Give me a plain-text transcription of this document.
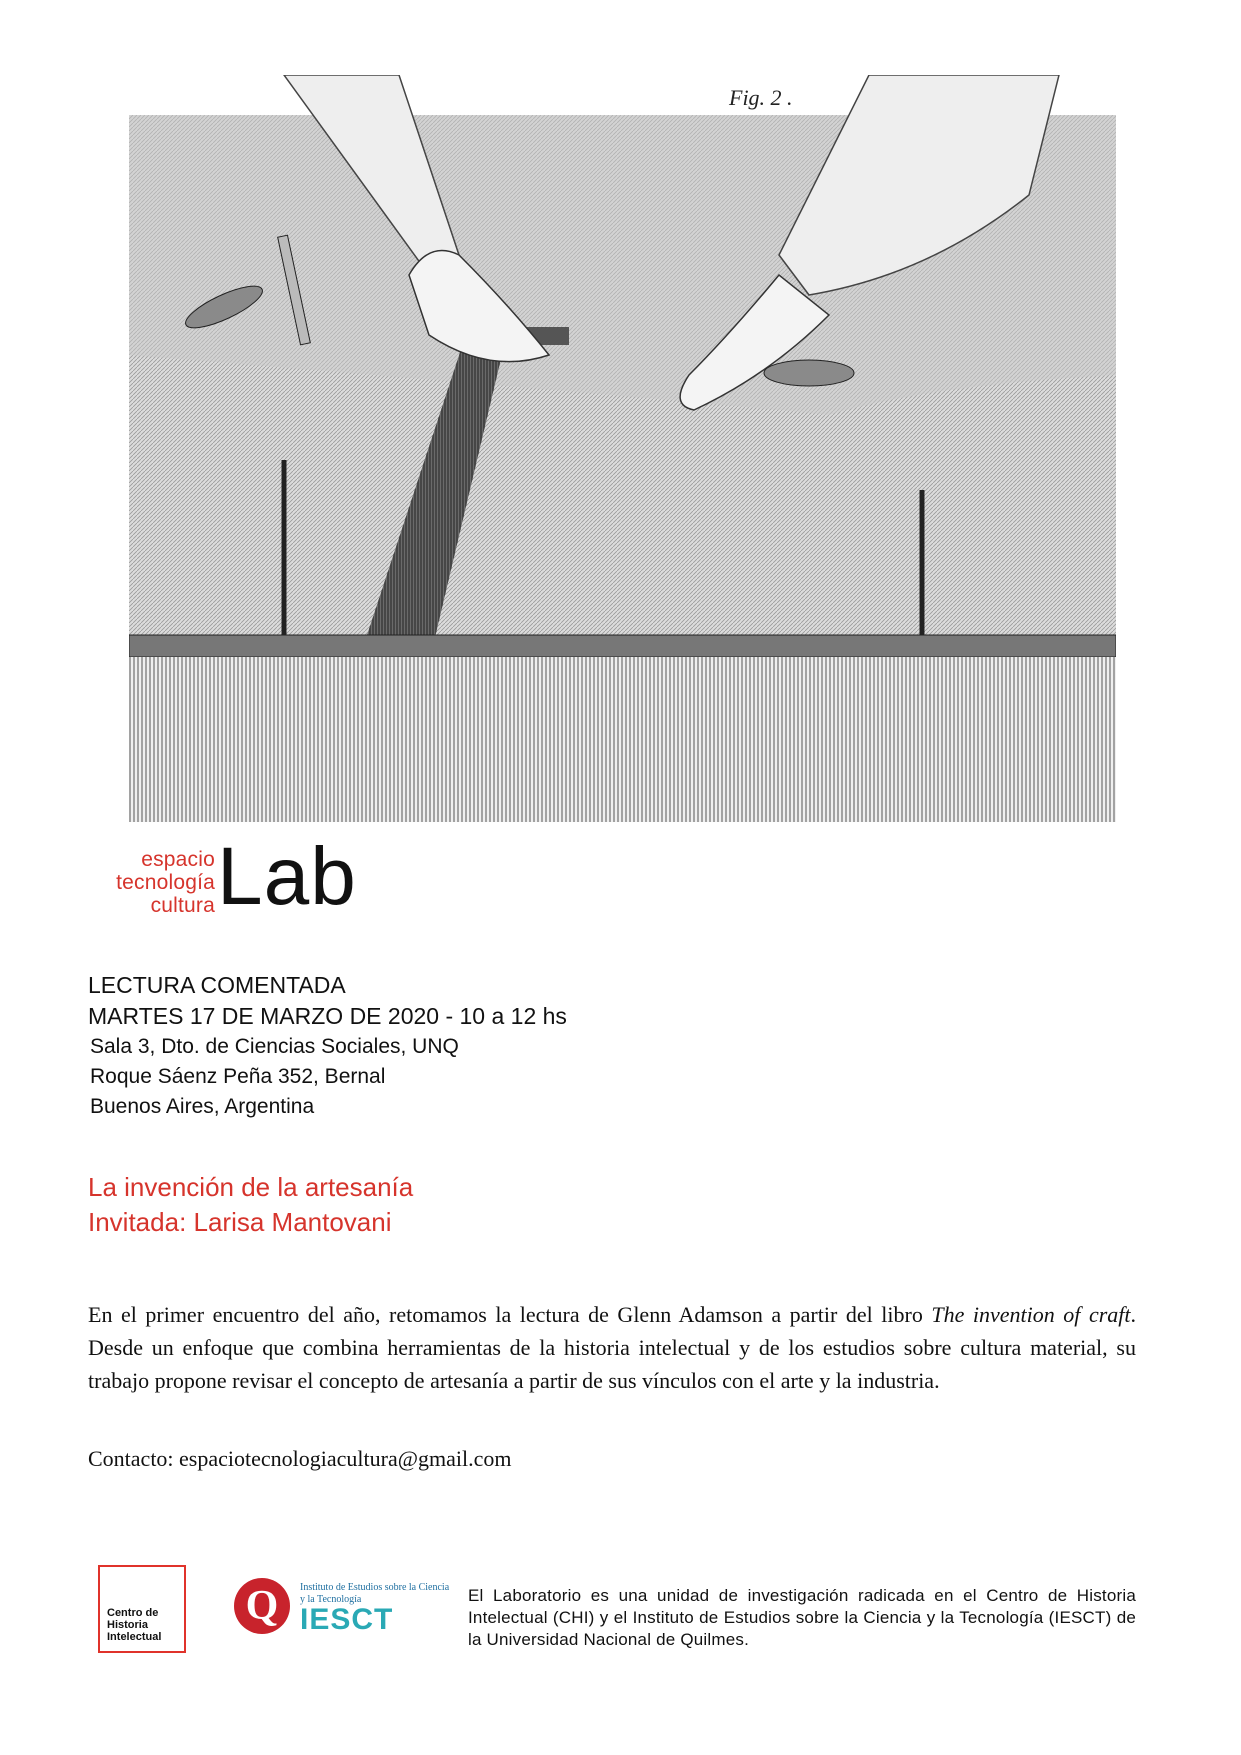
Fig. 2 .
espacio
tecnología
cultura Lab
LECTURA COMENTADA
MARTES 17 DE MARZO DE 2020 - 10 a 12 hs
Sala 3, Dto. de Ciencias Sociales, UNQ
Roque Sáenz Peña 352, Bernal
Buenos Aires, Argentina
La invención de la artesanía
Invitada: Larisa Mantovani
En el primer encuentro del año, retomamos la lectura de Glenn Adamson a partir del libro The invention of craft. Desde un enfoque que combina herramientas de la historia intelectual y de los estudios sobre cultura material, su trabajo propone revisar el concepto de artesanía a partir de sus vínculos con el arte y la industria.
Contacto: espaciotecnologiacultura@gmail.com
Centro de
Historia
Intelectual
Q	Instituto de Estudios sobre la Ciencia y la Tecnología
IESCT
El Laboratorio es una unidad de investigación radicada en el Centro de Historia Intelectual (CHI) y el Instituto de Estudios sobre la Ciencia y la Tecnología (IESCT) de la Universidad Nacional de Quilmes.
